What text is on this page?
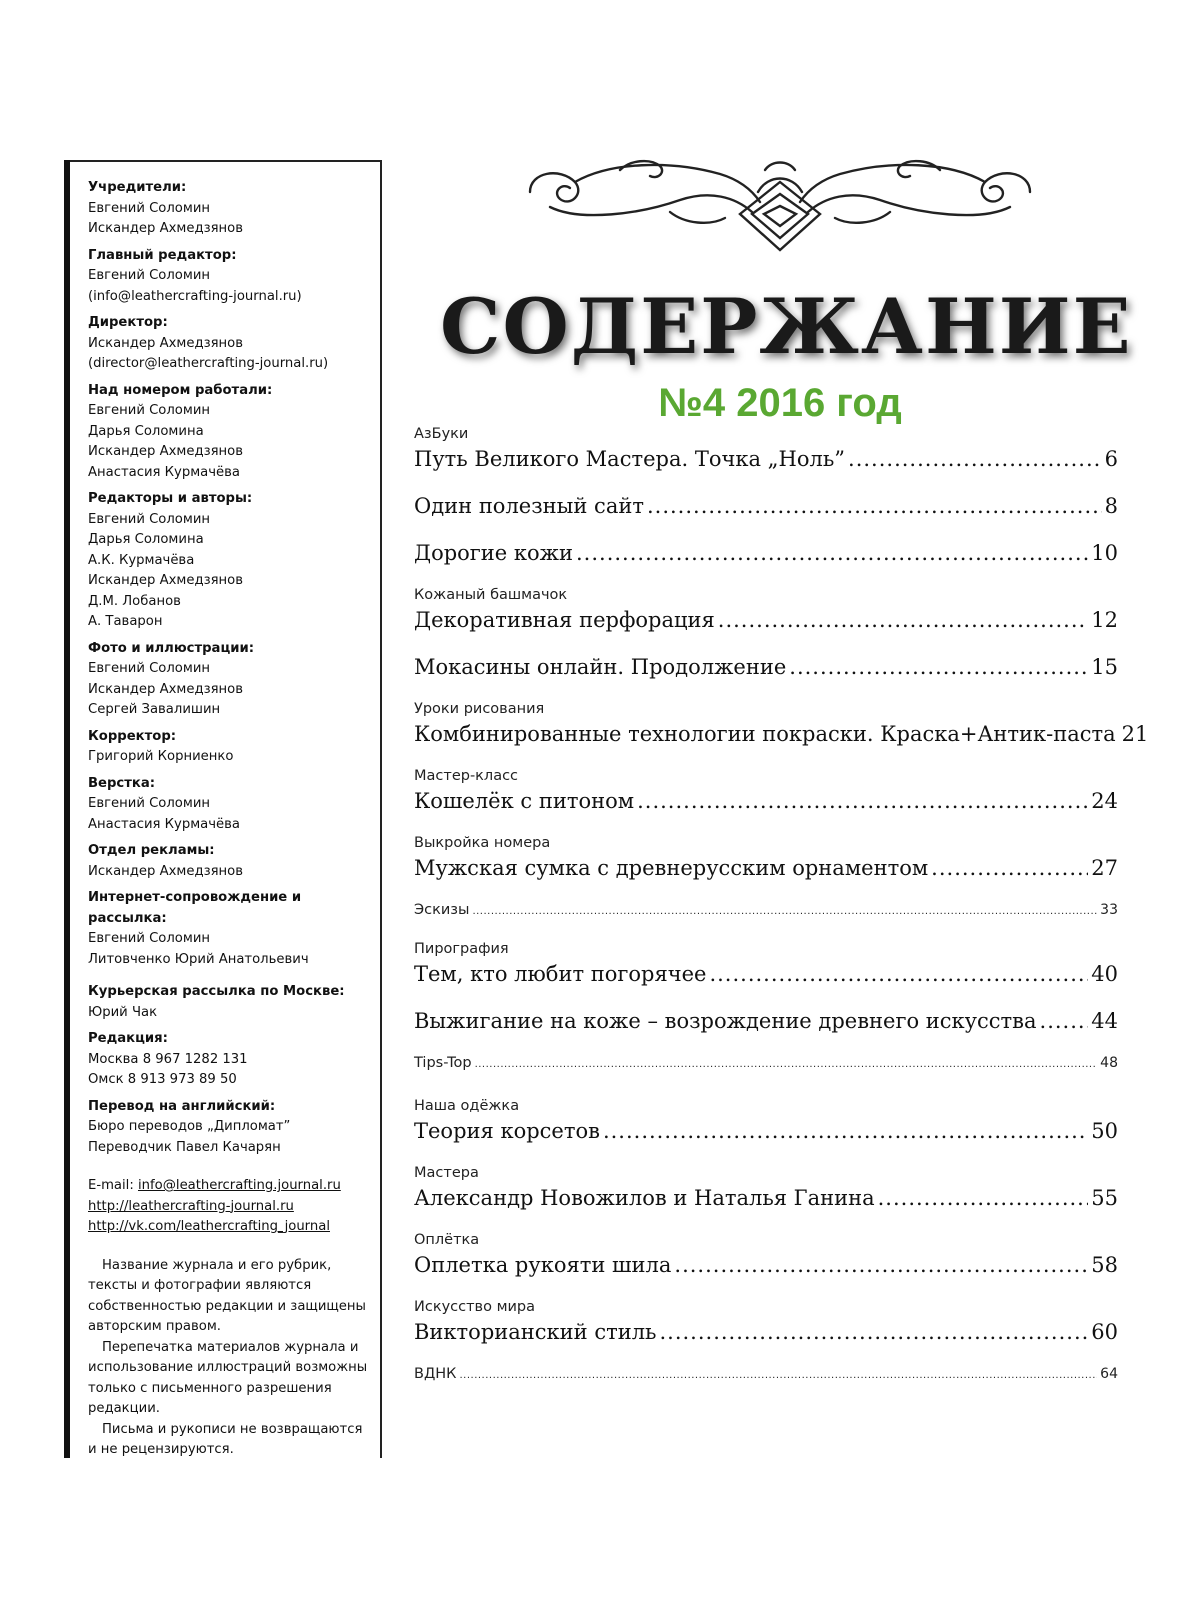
Учредители:
Евгений Соломин
Искандер Ахмедзянов
Главный редактор:
Евгений Соломин
(info@leathercrafting-journal.ru)
Директор:
Искандер Ахмедзянов
(director@leathercrafting-journal.ru)
Над номером работали:
Евгений Соломин
Дарья Соломина
Искандер Ахмедзянов
Анастасия Курмачёва
Редакторы и авторы:
Евгений Соломин
Дарья Соломина
А.К. Курмачёва
Искандер Ахмедзянов
Д.М. Лобанов
А. Таварон
Фото и иллюстрации:
Евгений Соломин
Искандер Ахмедзянов
Сергей Завалишин
Корректор:
Григорий Корниенко
Верстка:
Евгений Соломин
Анастасия Курмачёва
Отдел рекламы:
Искандер Ахмедзянов
Интернет-сопровождение и рассылка:
Евгений Соломин
Литовченко Юрий Анатольевич
Курьерская рассылка по Москве:
Юрий Чак
Редакция:
Москва 8 967 1282 131
Омск 8 913 973 89 50
Перевод на английский:
Бюро переводов „Дипломат”
Переводчик Павел Качарян
E-mail: info@leathercrafting.journal.ru
http://leathercrafting-journal.ru
http://vk.com/leathercrafting_journal

Название журнала и его рубрик, тексты и фотографии являются собственностью редакции и защищены авторским правом.

Перепечатка материалов журнала и использование иллюстраций возможны только с письменного разрешения редакции.

Письма и рукописи не возвращаются и не рецензируются.

СОДЕРЖАНИЕ
№4 2016 год
АзБуки
Путь Великого Мастера. Точка „Ноль” .....	6
Один полезный сайт .....	8
Дорогие кожи .....	10
Кожаный башмачок
Декоративная перфорация .....	12
Мокасины онлайн. Продолжение .....	15
Уроки рисования
Комбинированные технологии покраски. Краска+Антик-паста 21
Мастер-класс
Кошелёк с питоном .....	24
Выкройка номера
Мужская сумка с древнерусским орнаментом .....	27
Эскизы .....	33
Пирография
Тем, кто любит погорячее .....	40
Выжигание на коже – возрождение древнего искусства .....	44
Tips-Top .....	48
Наша одёжка
Теория корсетов .....	50
Мастера
Александр Новожилов и Наталья Ганина .....	55
Оплётка
Оплетка рукояти шила .....	58
Искусство мира
Викторианский стиль .....	60
ВДНК .....	64
